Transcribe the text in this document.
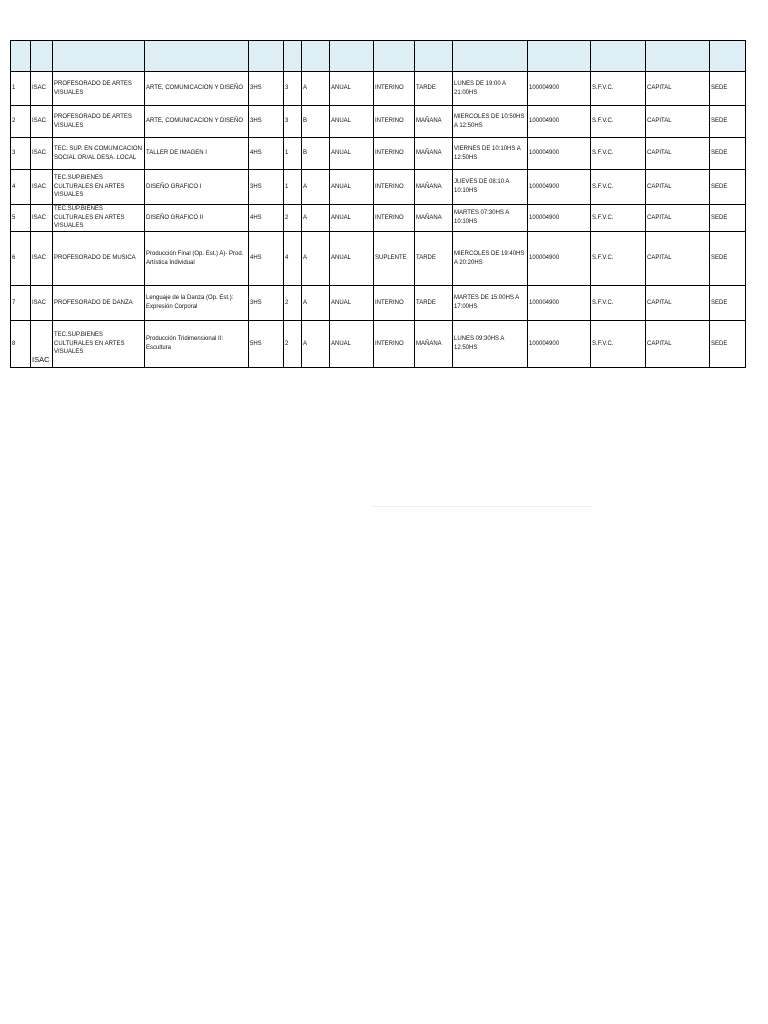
1	ISAC	PROFESORADO DE ARTES VISUALES	ARTE, COMUNICACION Y DISEÑO	3HS	3	A	ANUAL	INTERINO	TARDE	LUNES DE 19:00 A 21:00HS	100004900	S.F.V.C.	CAPITAL	SEDE
2	ISAC	PROFESORADO DE ARTES VISUALES	ARTE, COMUNICACION Y DISEÑO	3HS	3	B	ANUAL	INTERINO	MAÑANA	MIERCOLES DE 10:50HS A 12:50HS	100004900	S.F.V.C.	CAPITAL	SEDE
3	ISAC	TEC. SUP. EN COMUNICACION SOCIAL OR/AL DESA. LOCAL	TALLER DE IMAGEN I	4HS	1	B	ANUAL	INTERINO	MAÑANA	VIERNES DE 10:10HS A 12:50HS	100004900	S.F.V.C.	CAPITAL	SEDE
4	ISAC	TEC.SUP.BIENES CULTURALES EN ARTES VISUALES	DISEÑO GRAFICO I	3HS	1	A	ANUAL	INTERINO	MAÑANA	JUEVES DE 08:10 A 10:10HS	100004900	S.F.V.C.	CAPITAL	SEDE
5	ISAC	TEC.SUP.BIENES CULTURALES EN ARTES VISUALES	DISEÑO GRAFICO II	4HS	2	A	ANUAL	INTERINO	MAÑANA	MARTES 07:30HS A 10:10HS	100004900	S.F.V.C.	CAPITAL	SEDE
6	ISAC	PROFESORADO DE MUSICA	Producción Final (Op. Est.) A)- Prod. Artística Individual	4HS	4	A	ANUAL	SUPLENTE	TARDE	MIERCOLES DE 19:40HS A 20:20HS	100004900	S.F.V.C.	CAPITAL	SEDE
7	ISAC	PROFESORADO DE DANZA	Lenguaje de la Danza (Op. Est.): Expresión Corporal	3HS	2	A	ANUAL	INTERINO	TARDE	MARTES DE 15:00HS A 17:00HS	100004900	S.F.V.C.	CAPITAL	SEDE
8	ISAC	TEC.SUP.BIENES CULTURALES EN ARTES VISUALES	Producción Tridimensional II: Escultura	5HS	2	A	ANUAL	INTERINO	MAÑANA	LUNES 09:30HS A 12:50HS	100004900	S.F.V.C.	CAPITAL	SEDE
